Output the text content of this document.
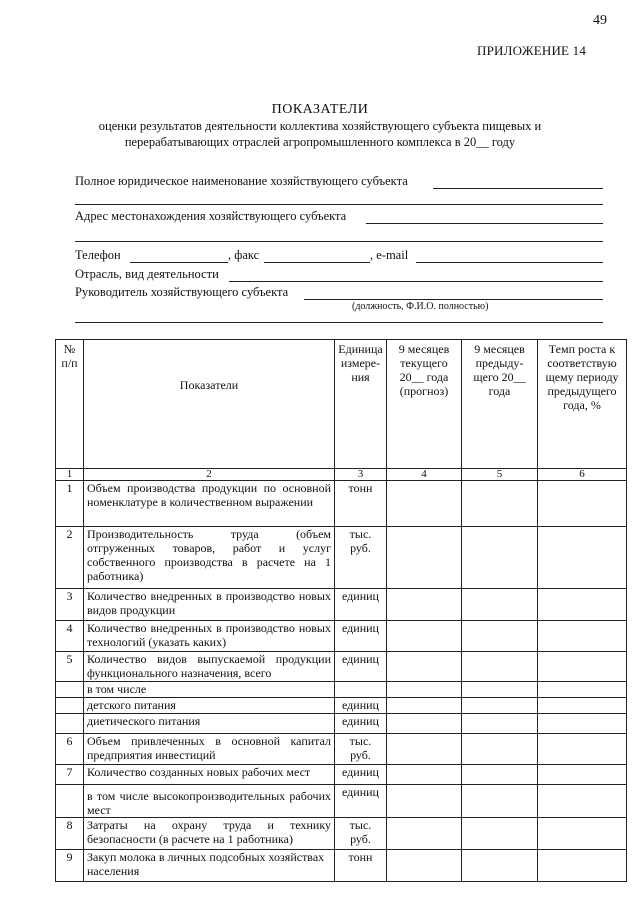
49
ПРИЛОЖЕНИЕ 14
ПОКАЗАТЕЛИ
оценки результатов деятельности коллектива хозяйствующего субъекта пищевых и
перерабатывающих отраслей агропромышленного комплекса в 20__ году
Полное юридическое наименование хозяйствующего субъекта
Адрес местонахождения хозяйствующего субъекта
Телефон	, факс	, e-mail
Отрасль, вид деятельности
Руководитель хозяйствующего субъекта
(должность, Ф.И.О. полностью)
№ п/п	Показатели	Единица измере-ния	9 месяцев текущего 20__ года (прогноз)	9 месяцев предыду-щего 20__ года	Темп роста к соответствую щему периоду предыдущего года, %
1	2	3	4	5	6
1	Объем производства продукции по основной номенклатуре в количественном выражении	тонн			
2	Производительность труда (объем отгруженных товаров, работ и услуг собственного производства в расчете на 1 работника)	тыс. руб.			
3	Количество внедренных в производство новых видов продукции	единиц			
4	Количество внедренных в производство новых технологий (указать каких)	единиц			
5	Количество видов выпускаемой продукции функционального назначения, всего	единиц			
	в том числе				
	детского питания	единиц			
	диетического питания	единиц			
6	Объем привлеченных в основной капитал предприятия инвестиций	тыс. руб.			
7	Количество созданных новых рабочих мест	единиц			
	в том числе высокопроизводительных рабочих мест	единиц			
8	Затраты на охрану труда и технику безопасности (в расчете на 1 работника)	тыс. руб.			
9	Закуп молока в личных подсобных хозяйствах населения	тонн			
